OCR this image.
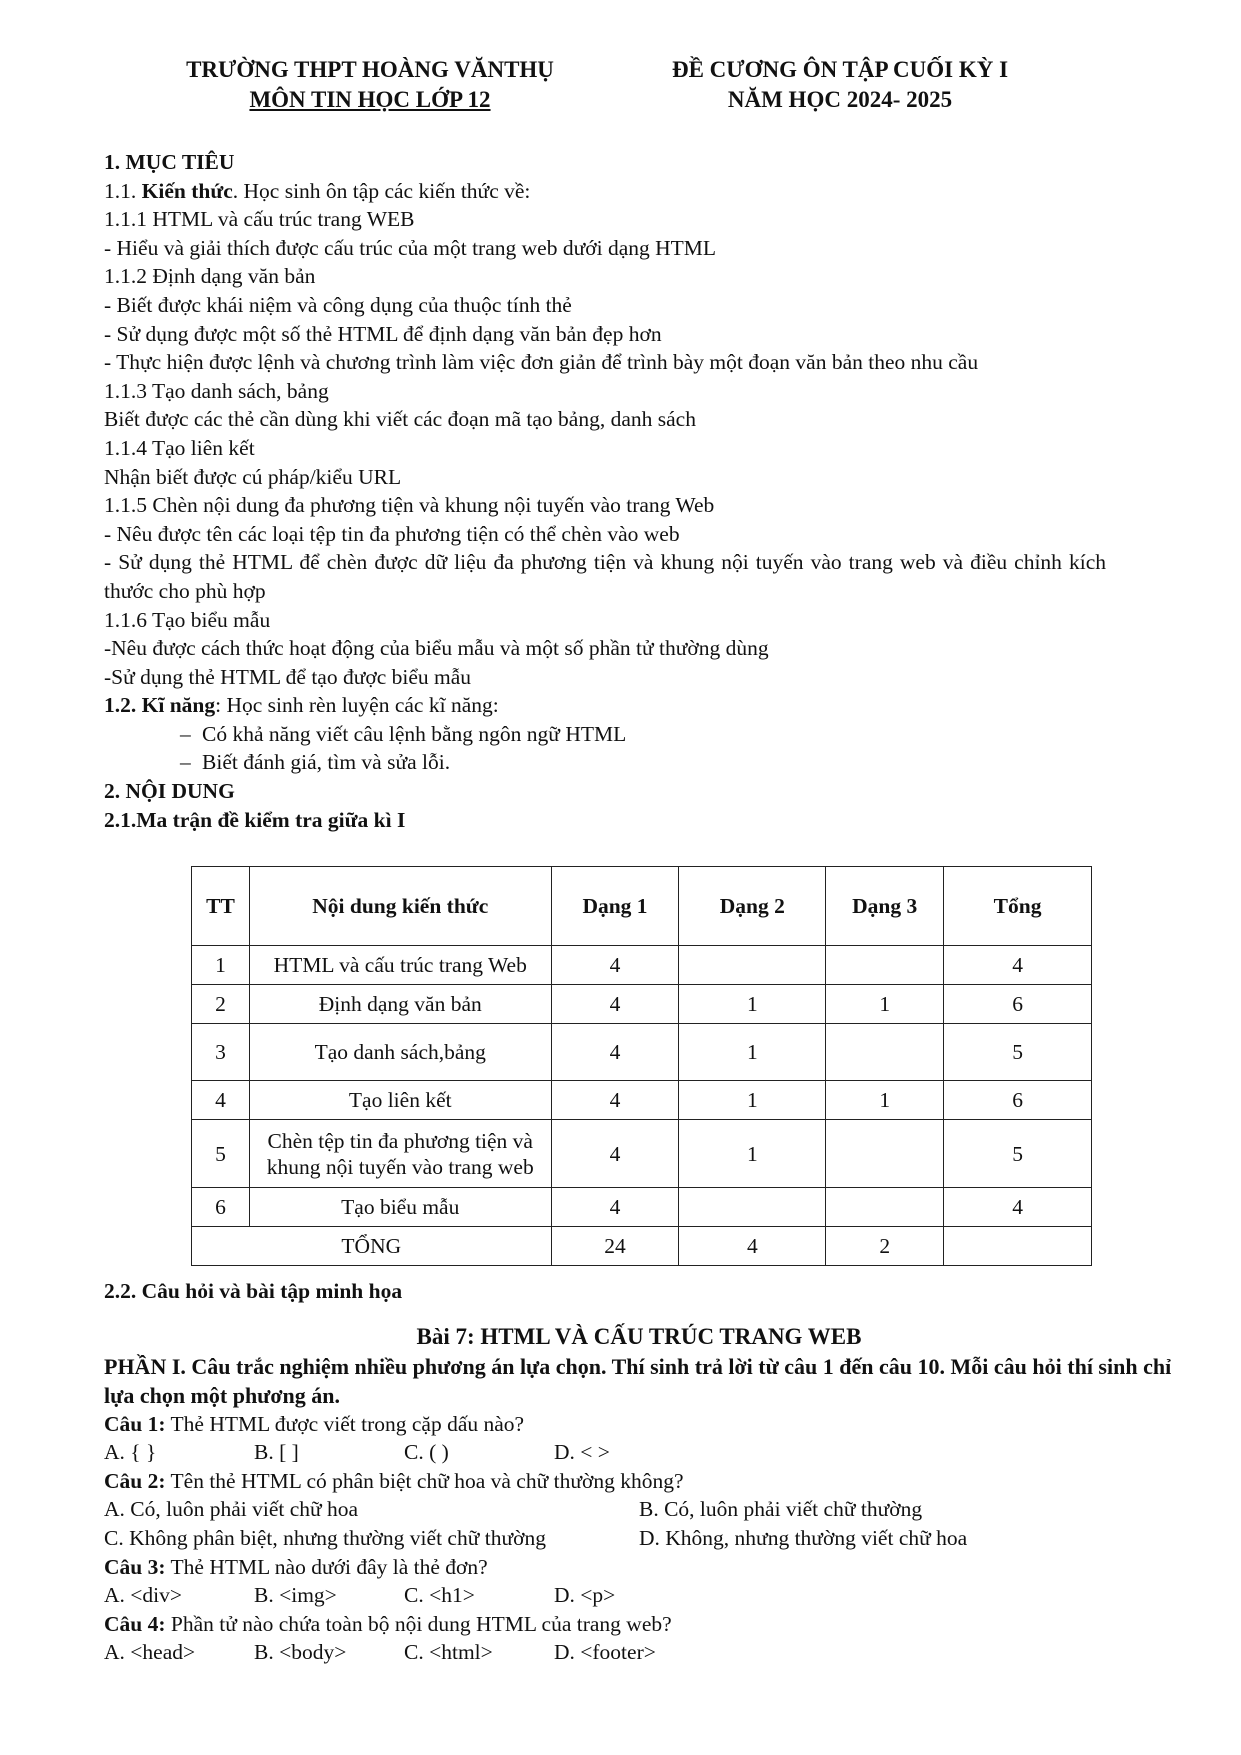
TRƯỜNG THPT HOÀNG VĂNTHỤ
MÔN TIN HỌC LỚP 12
ĐỀ CƯƠNG ÔN TẬP CUỐI KỲ I
NĂM HỌC 2024- 2025
1. MỤC TIÊU
1.1. Kiến thức. Học sinh ôn tập các kiến thức về:
1.1.1 HTML và cấu trúc trang WEB
- Hiểu và giải thích được cấu trúc của một trang web dưới dạng HTML
1.1.2 Định dạng văn bản
- Biết được khái niệm và công dụng của thuộc tính thẻ
- Sử dụng được một số thẻ HTML để định dạng văn bản đẹp hơn
- Thực hiện được lệnh và chương trình làm việc đơn giản để trình bày một đoạn văn bản theo nhu cầu
1.1.3 Tạo danh sách, bảng
Biết được các thẻ cần dùng khi viết các đoạn mã tạo bảng, danh sách
1.1.4 Tạo liên kết
Nhận biết được cú pháp/kiểu URL
1.1.5 Chèn nội dung đa phương tiện và khung nội tuyến vào trang Web
- Nêu được tên các loại tệp tin đa phương tiện có thể chèn vào web
- Sử dụng thẻ HTML để chèn được dữ liệu đa phương tiện và khung nội tuyến vào trang web và điều chỉnh kích thước cho phù hợp
1.1.6 Tạo biểu mẫu
-Nêu được cách thức hoạt động của biểu mẫu và một số phần tử thường dùng
-Sử dụng thẻ HTML để tạo được biểu mẫu
1.2. Kĩ năng: Học sinh rèn luyện các kĩ năng:
– Có khả năng viết câu lệnh bằng ngôn ngữ HTML
– Biết đánh giá, tìm và sửa lỗi.
2. NỘI DUNG
2.1.Ma trận đề kiểm tra giữa kì I
TT	Nội dung kiến thức	Dạng 1	Dạng 2	Dạng 3	Tổng
1	HTML và cấu trúc trang Web	4			4
2	Định dạng văn bản	4	1	1	6
3	Tạo danh sách,bảng	4	1		5
4	Tạo liên kết	4	1	1	6
5	Chèn tệp tin đa phương tiện và khung nội tuyến vào trang web	4	1		5
6	Tạo biểu mẫu	4			4
TỔNG		24	4	2	
2.2. Câu hỏi và bài tập minh họa
Bài 7: HTML VÀ CẤU TRÚC TRANG WEB
PHẦN I. Câu trắc nghiệm nhiều phương án lựa chọn. Thí sinh trả lời từ câu 1 đến câu 10. Mỗi câu hỏi thí sinh chỉ lựa chọn một phương án.
Câu 1: Thẻ HTML được viết trong cặp dấu nào?
A. { }	B. [ ]	C. ( )	D. < >
Câu 2: Tên thẻ HTML có phân biệt chữ hoa và chữ thường không?
A. Có, luôn phải viết chữ hoa	B. Có, luôn phải viết chữ thường
C. Không phân biệt, nhưng thường viết chữ thường	D. Không, nhưng thường viết chữ hoa
Câu 3: Thẻ HTML nào dưới đây là thẻ đơn?
A. <div>	B. <img>	C. <h1>	D. <p>
Câu 4: Phần tử nào chứa toàn bộ nội dung HTML của trang web?
A. <head>	B. <body>	C. <html>	D. <footer>
